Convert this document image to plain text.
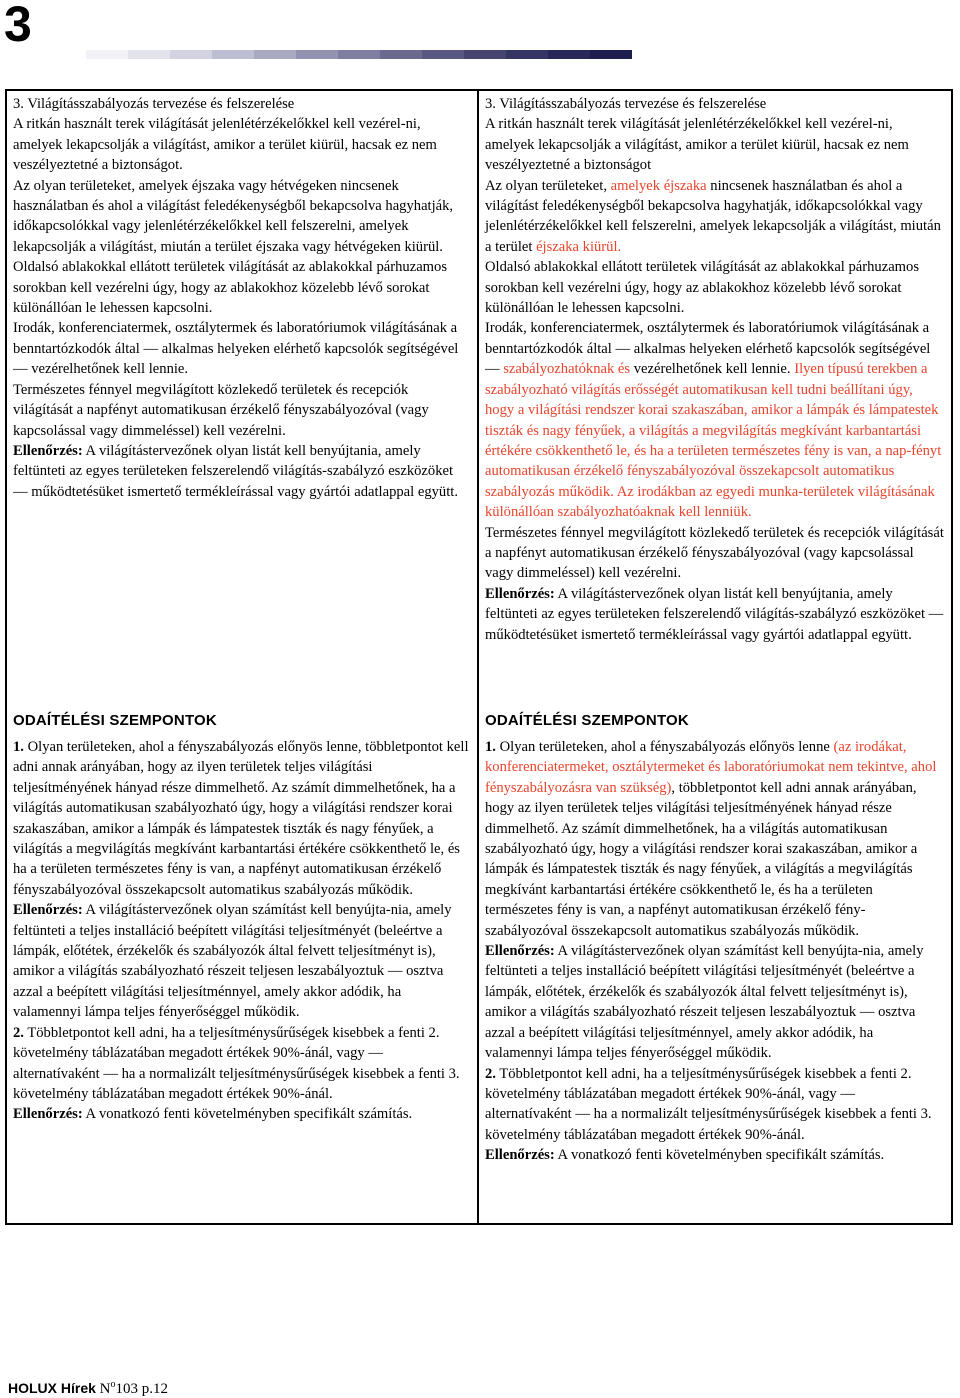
3

3. Világításszabályozás tervezése és felszerelése

A ritkán használt terek világítását jelenlétérzékelőkkel kell vezérel-ni, amelyek lekapcsolják a világítást, amikor a terület kiürül, hacsak ez nem veszélyeztetné a biztonságot.

Az olyan területeket, amelyek éjszaka vagy hétvégeken nincsenek használatban és ahol a világítást feledékenységből bekapcsolva hagyhatják, időkapcsolókkal vagy jelenlétérzékelőkkel kell felszerelni, amelyek lekapcsolják a világítást, miután a terület éjszaka vagy hétvégeken kiürül.

Oldalsó ablakokkal ellátott területek világítását az ablakokkal párhuzamos sorokban kell vezérelni úgy, hogy az ablakokhoz közelebb lévő sorokat különállóan le lehessen kapcsolni.

Irodák, konferenciatermek, osztálytermek és laboratóriumok világításának a benntartózkodók által — alkalmas helyeken elérhető kapcsolók segítségével — vezérelhetőnek kell lennie.

Természetes fénnyel megvilágított közlekedő területek és recepciók világítását a napfényt automatikusan érzékelő fényszabályozóval (vagy kapcsolással vagy dimmeléssel) kell vezérelni.

Ellenőrzés: A világítástervezőnek olyan listát kell benyújtania, amely feltünteti az egyes területeken felszerelendő világítás-szabályzó eszközöket — működtetésüket ismertető termékleírással vagy gyártói adatlappal együtt.

ODAÍTÉLÉSI SZEMPONTOK

1. Olyan területeken, ahol a fényszabályozás előnyös lenne, többletpontot kell adni annak arányában, hogy az ilyen területek teljes világítási teljesítményének hányad része dimmelhető. Az számít dimmelhetőnek, ha a világítás automatikusan szabályozható úgy, hogy a világítási rendszer korai szakaszában, amikor a lámpák és lámpatestek tiszták és nagy fényűek, a világítás a megvilágítás megkívánt karbantartási értékére csökkenthető le, és ha a területen természetes fény is van, a napfényt automatikusan érzékelő fényszabályozóval összekapcsolt automatikus szabályozás működik.

Ellenőrzés: A világítástervezőnek olyan számítást kell benyújta-nia, amely feltünteti a teljes installáció beépített világítási teljesítményét (beleértve a lámpák, előtétek, érzékelők és szabályozók által felvett teljesítményt is), amikor a világítás szabályozható részeit teljesen leszabályoztuk — osztva azzal a beépített világítási teljesítménnyel, amely akkor adódik, ha valamennyi lámpa teljes fényerőséggel működik.

2. Többletpontot kell adni, ha a teljesítménysűrűségek kisebbek a fenti 2. követelmény táblázatában megadott értékek 90%-ánál, vagy — alternatívaként — ha a normalizált teljesítménysűrűségek kisebbek a fenti 3. követelmény táblázatában megadott értékek 90%-ánál.

Ellenőrzés: A vonatkozó fenti követelményben specifikált számítás.

3. Világításszabályozás tervezése és felszerelése

A ritkán használt terek világítását jelenlétérzékelőkkel kell vezérel-ni, amelyek lekapcsolják a világítást, amikor a terület kiürül, hacsak ez nem veszélyeztetné a biztonságot

Az olyan területeket, amelyek éjszaka nincsenek használatban és ahol a világítást feledékenységből bekapcsolva hagyhatják, időkapcsolókkal vagy jelenlétérzékelőkkel kell felszerelni, amelyek lekapcsolják a világítást, miután a terület éjszaka kiürül.

Oldalsó ablakokkal ellátott területek világítását az ablakokkal párhuzamos sorokban kell vezérelni úgy, hogy az ablakokhoz közelebb lévő sorokat különállóan le lehessen kapcsolni.

Irodák, konferenciatermek, osztálytermek és laboratóriumok világításának a benntartózkodók által — alkalmas helyeken elérhető kapcsolók segítségével — szabályozhatóknak és vezérelhetőnek kell lennie. Ilyen típusú terekben a szabályozható világítás erősségét automatikusan kell tudni beállítani úgy, hogy a világítási rendszer korai szakaszában, amikor a lámpák és lámpatestek tiszták és nagy fényűek, a világítás a megvilágítás megkívánt karbantartási értékére csökkenthető le, és ha a területen természetes fény is van, a nap-fényt automatikusan érzékelő fényszabályozóval összekapcsolt automatikus szabályozás működik. Az irodákban az egyedi munka-területek világításának különállóan szabályozhatóaknak kell lenniük.

Természetes fénnyel megvilágított közlekedő területek és recepciók világítását a napfényt automatikusan érzékelő fényszabályozóval (vagy kapcsolással vagy dimmeléssel) kell vezérelni.

Ellenőrzés: A világítástervezőnek olyan listát kell benyújtania, amely feltünteti az egyes területeken felszerelendő világítás-szabályzó eszközöket — működtetésüket ismertető termékleírással vagy gyártói adatlappal együtt.

ODAÍTÉLÉSI SZEMPONTOK

1. Olyan területeken, ahol a fényszabályozás előnyös lenne (az irodákat, konferenciatermeket, osztálytermeket és laboratóriumokat nem tekintve, ahol fényszabályozásra van szükség), többletpontot kell adni annak arányában, hogy az ilyen területek teljes világítási teljesítményének hányad része dimmelhető. Az számít dimmelhetőnek, ha a világítás automatikusan szabályozható úgy, hogy a világítási rendszer korai szakaszában, amikor a lámpák és lámpatestek tiszták és nagy fényűek, a világítás a megvilágítás megkívánt karbantartási értékére csökkenthető le, és ha a területen természetes fény is van, a napfényt automatikusan érzékelő fény-szabályozóval összekapcsolt automatikus szabályozás működik.

Ellenőrzés: A világítástervezőnek olyan számítást kell benyújta-nia, amely feltünteti a teljes installáció beépített világítási teljesítményét (beleértve a lámpák, előtétek, érzékelők és szabályozók által felvett teljesítményt is), amikor a világítás szabályozható részeit teljesen leszabályoztuk — osztva azzal a beépített világítási teljesítménnyel, amely akkor adódik, ha valamennyi lámpa teljes fényerőséggel működik.

2. Többletpontot kell adni, ha a teljesítménysűrűségek kisebbek a fenti 2. követelmény táblázatában megadott értékek 90%-ánál, vagy — alternatívaként — ha a normalizált teljesítménysűrűségek kisebbek a fenti 3. követelmény táblázatában megadott értékek 90%-ánál.

Ellenőrzés: A vonatkozó fenti követelményben specifikált számítás.

HOLUX Hírek $N^o103$ p.12
